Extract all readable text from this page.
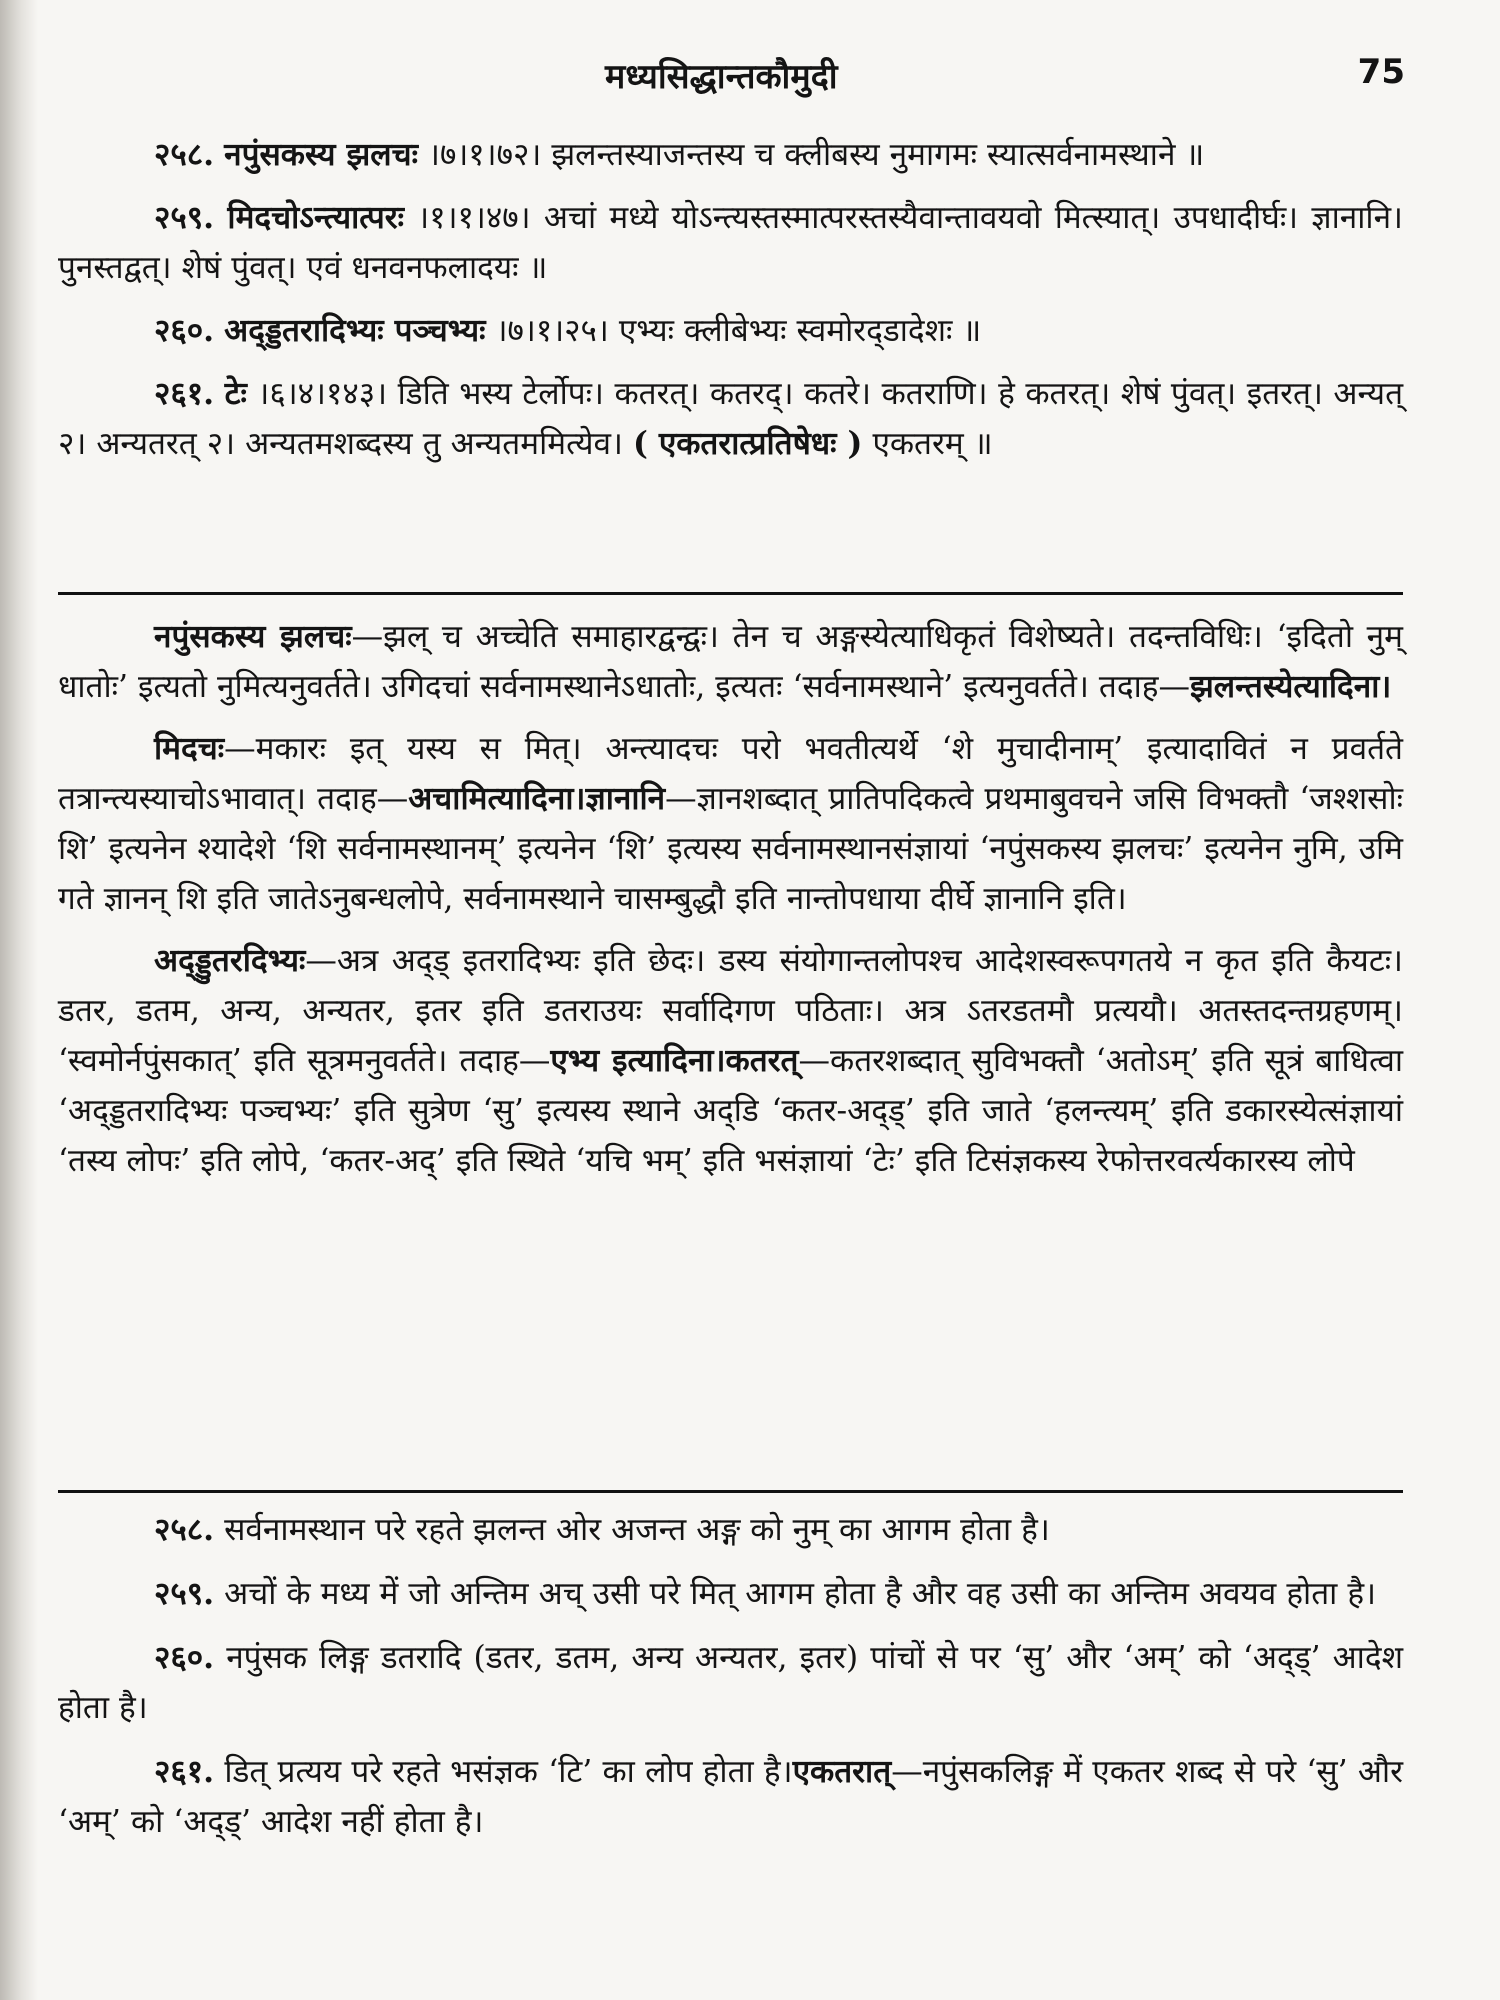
मध्यसिद्धान्तकौमुदी	75

२५८. नपुंसकस्य झलचः ।७।१।७२। झलन्तस्याजन्तस्य च क्लीबस्य नुमागमः स्यात्सर्वनामस्थाने ॥

२५९. मिदचोऽन्त्यात्परः ।१।१।४७। अचां मध्ये योऽन्त्यस्तस्मात्परस्तस्यैवान्तावयवो मित्स्यात्। उपधादीर्घः। ज्ञानानि। पुनस्तद्वत्। शेषं पुंवत्। एवं धनवनफलादयः ॥

२६०. अद्ड्डतरादिभ्यः पञ्चभ्यः ।७।१।२५। एभ्यः क्लीबेभ्यः स्वमोरद्डादेशः ॥

२६१. टेः ।६।४।१४३। डिति भस्य टेर्लोपः। कतरत्। कतरद्। कतरे। कतराणि। हे कतरत्। शेषं पुंवत्। इतरत्। अन्यत् २। अन्यतरत् २। अन्यतमशब्दस्य तु अन्यतममित्येव। ( एकतरात्प्रतिषेधः ) एकतरम् ॥

नपुंसकस्य झलचः—झल् च अच्चेति समाहारद्वन्द्वः। तेन च अङ्गस्येत्याधिकृतं विशेष्यते। तदन्तविधिः। ‘इदितो नुम् धातोः’ इत्यतो नुमित्यनुवर्तते। उगिदचां सर्वनामस्थानेऽधातोः, इत्यतः ‘सर्वनामस्थाने’ इत्यनुवर्तते। तदाह—झलन्तस्येत्यादिना।

मिदचः—मकारः इत् यस्य स मित्। अन्त्यादचः परो भवतीत्यर्थे ‘शे मुचादीनाम्’ इत्यादावितं न प्रवर्तते तत्रान्त्यस्याचोऽभावात्। तदाह—अचामित्यादिना।ज्ञानानि—ज्ञानशब्दात् प्रातिपदिकत्वे प्रथमाबुवचने जसि विभक्तौ ‘जश्शसोः शि’ इत्यनेन श्यादेशे ‘शि सर्वनामस्थानम्’ इत्यनेन ‘शि’ इत्यस्य सर्वनामस्थानसंज्ञायां ‘नपुंसकस्य झलचः’ इत्यनेन नुमि, उमि गते ज्ञानन् शि इति जातेऽनुबन्धलोपे, सर्वनामस्थाने चासम्बुद्धौ इति नान्तोपधाया दीर्घे ज्ञानानि इति।

अद्ड्डुतरदिभ्यः—अत्र अद्ड् इतरादिभ्यः इति छेदः। डस्य संयोगान्तलोपश्च आदेशस्वरूपगतये न कृत इति कैयटः। डतर, डतम, अन्य, अन्यतर, इतर इति डतराउयः सर्वादिगण पठिताः। अत्र ऽतरडतमौ प्रत्ययौ। अतस्तदन्तग्रहणम्। ‘स्वमोर्नपुंसकात्’ इति सूत्रमनुवर्तते। तदाह—एभ्य इत्यादिना।कतरत्—कतरशब्दात् सुविभक्तौ ‘अतोऽम्’ इति सूत्रं बाधित्वा ‘अद्ड्डतरादिभ्यः पञ्चभ्यः’ इति सुत्रेण ‘सु’ इत्यस्य स्थाने अद्डि ‘कतर-अद्ड्’ इति जाते ‘हलन्त्यम्’ इति डकारस्येत्संज्ञायां ‘तस्य लोपः’ इति लोपे, ‘कतर-अद्’ इति स्थिते ‘यचि भम्’ इति भसंज्ञायां ‘टेः’ इति टिसंज्ञकस्य रेफोत्तरवर्त्यकारस्य लोपे

२५८. सर्वनामस्थान परे रहते झलन्त ओर अजन्त अङ्ग को नुम् का आगम होता है।

२५९. अचों के मध्य में जो अन्तिम अच् उसी परे मित् आगम होता है और वह उसी का अन्तिम अवयव होता है।

२६०. नपुंसक लिङ्ग डतरादि (डतर, डतम, अन्य अन्यतर, इतर) पांचों से पर ‘सु’ और ‘अम्’ को ‘अद्ड्’ आदेश होता है।

२६१. डित् प्रत्यय परे रहते भसंज्ञक ‘टि’ का लोप होता है।एकतरात्—नपुंसकलिङ्ग में एकतर शब्द से परे ‘सु’ और ‘अम्’ को ‘अद्ड्’ आदेश नहीं होता है।
